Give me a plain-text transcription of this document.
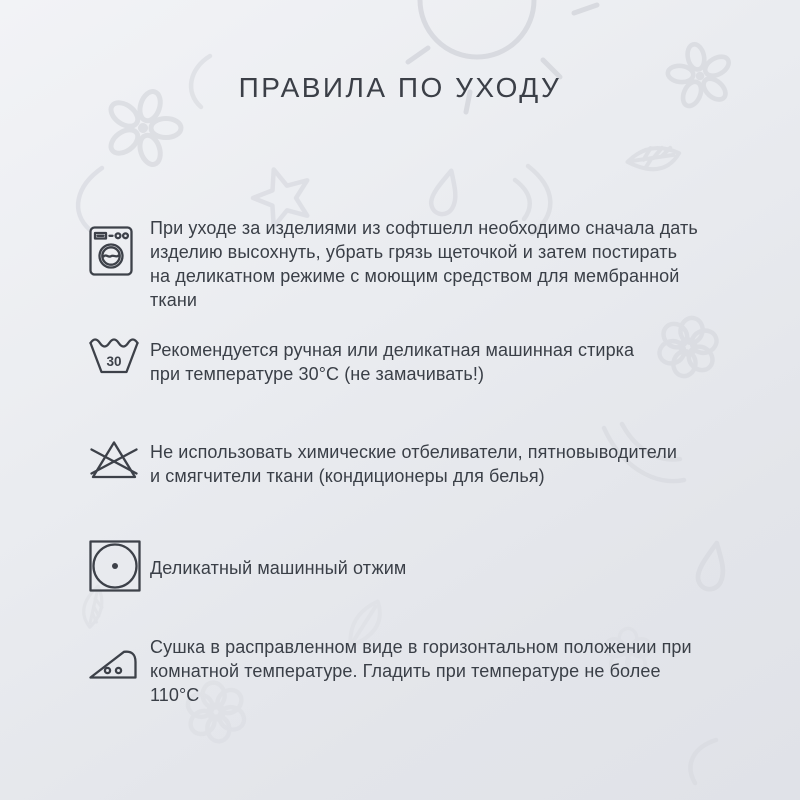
ПРАВИЛА ПО УХОДУ
При уходе за изделиями из софтшелл необходимо сначала дать изделию высохнуть, убрать грязь щеточкой и затем постирать на деликатном режиме с моющим средством для мембранной ткани
30
Рекомендуется ручная или деликатная машинная стирка при температуре 30°С (не замачивать!)
Не использовать химические отбеливатели, пятновыводители и смягчители ткани (кондиционеры для белья)
Деликатный машинный отжим
Сушка в расправленном виде в горизонтальном положении при комнатной температуре. Гладить при температуре не более 110°С
